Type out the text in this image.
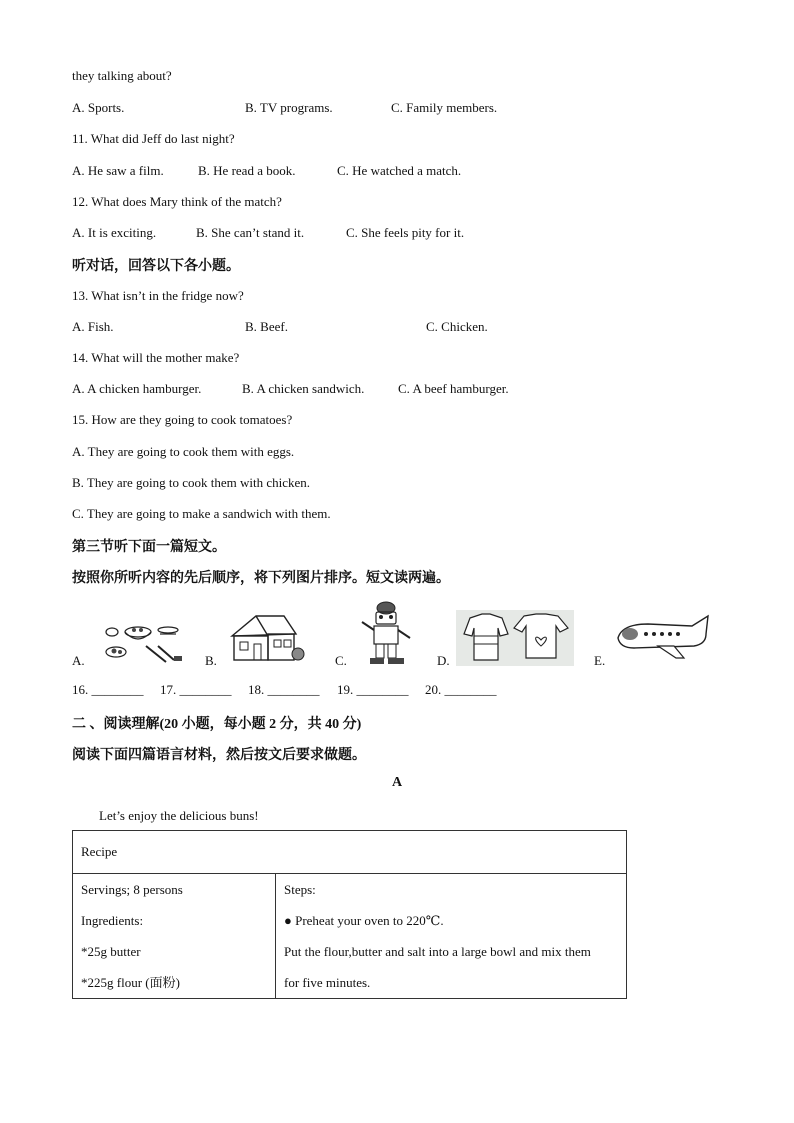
they talking about?
A. Sports.	B. TV programs.	C. Family members.
11. What did Jeff do last night?
A. He saw a film.	B. He read a book.	C. He watched a match.
12. What does Mary think of the match?
A. It is exciting.	B. She can’t stand it.	C. She feels pity for it.
听对话，回答以下各小题。
13. What isn’t in the fridge now?
A. Fish.	B. Beef.	C. Chicken.
14. What will the mother make?
A. A chicken hamburger.	B. A chicken sandwich.	C. A beef hamburger.
15. How are they going to cook tomatoes?
A. They are going to cook them with eggs.
B. They are going to cook them with chicken.
C. They are going to make a sandwich with them.
第三节听下面一篇短文。
按照你所听内容的先后顺序，将下列图片排序。短文读两遍。
A.	B.	C.	D.	E.
16. ________ 17. ________ 18. ________ 19. ________ 20. ________
二 、阅读理解(20 小题，每小题 2 分，共 40 分)
阅读下面四篇语言材料，然后按文后要求做题。
A
Let’s enjoy the delicious buns!
Recipe

Servings; 8 persons
Ingredients:
*25g butter
*225g flour (面粉)

Steps:
● Preheat your oven to 220℃.
Put the flour,butter and salt into a large bowl and mix them
for five minutes.
